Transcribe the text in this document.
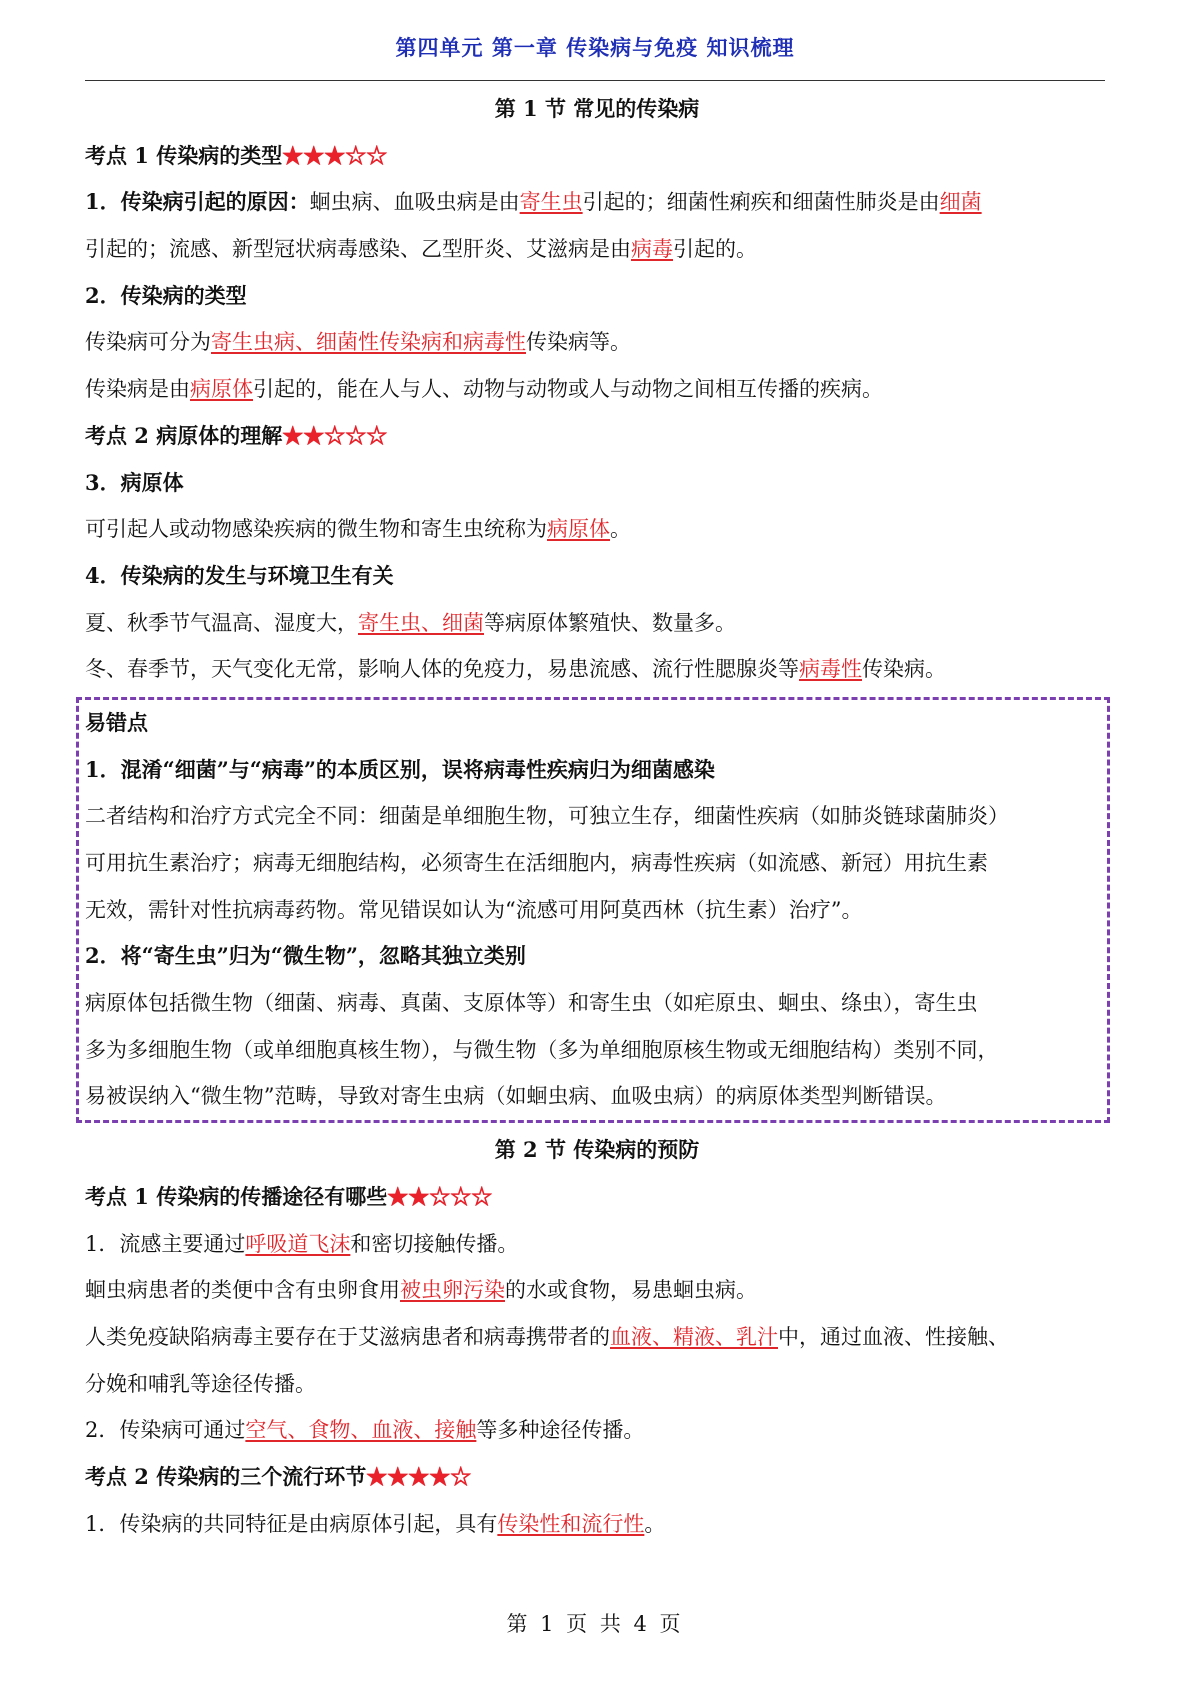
第四单元 第一章 传染病与免疫 知识梳理
第 1 节 常见的传染病
考点 1 传染病的类型★★★☆☆
1．传染病引起的原因：蛔虫病、血吸虫病是由寄生虫引起的；细菌性痢疾和细菌性肺炎是由细菌
引起的；流感、新型冠状病毒感染、乙型肝炎、艾滋病是由病毒引起的。
2．传染病的类型
传染病可分为寄生虫病、细菌性传染病和病毒性传染病等。
传染病是由病原体引起的，能在人与人、动物与动物或人与动物之间相互传播的疾病。
考点 2 病原体的理解★★☆☆☆
3．病原体
可引起人或动物感染疾病的微生物和寄生虫统称为病原体。
4．传染病的发生与环境卫生有关
夏、秋季节气温高、湿度大，寄生虫、细菌等病原体繁殖快、数量多。
冬、春季节，天气变化无常，影响人体的免疫力，易患流感、流行性腮腺炎等病毒性传染病。
易错点
1．混淆“细菌”与“病毒”的本质区别，误将病毒性疾病归为细菌感染
二者结构和治疗方式完全不同：细菌是单细胞生物，可独立生存，细菌性疾病（如肺炎链球菌肺炎）
可用抗生素治疗；病毒无细胞结构，必须寄生在活细胞内，病毒性疾病（如流感、新冠）用抗生素
无效，需针对性抗病毒药物。常见错误如认为“流感可用阿莫西林（抗生素）治疗”。
2．将“寄生虫”归为“微生物”，忽略其独立类别
病原体包括微生物（细菌、病毒、真菌、支原体等）和寄生虫（如疟原虫、蛔虫、绦虫），寄生虫
多为多细胞生物（或单细胞真核生物），与微生物（多为单细胞原核生物或无细胞结构）类别不同，
易被误纳入“微生物”范畴，导致对寄生虫病（如蛔虫病、血吸虫病）的病原体类型判断错误。
第 2 节 传染病的预防
考点 1 传染病的传播途径有哪些★★☆☆☆
1．流感主要通过呼吸道飞沫和密切接触传播。
蛔虫病患者的类便中含有虫卵食用被虫卵污染的水或食物，易患蛔虫病。
人类免疫缺陷病毒主要存在于艾滋病患者和病毒携带者的血液、精液、乳汁中，通过血液、性接触、
分娩和哺乳等途径传播。
2．传染病可通过空气、食物、血液、接触等多种途径传播。
考点 2 传染病的三个流行环节★★★★☆
1．传染病的共同特征是由病原体引起，具有传染性和流行性。
第 1 页 共 4 页
